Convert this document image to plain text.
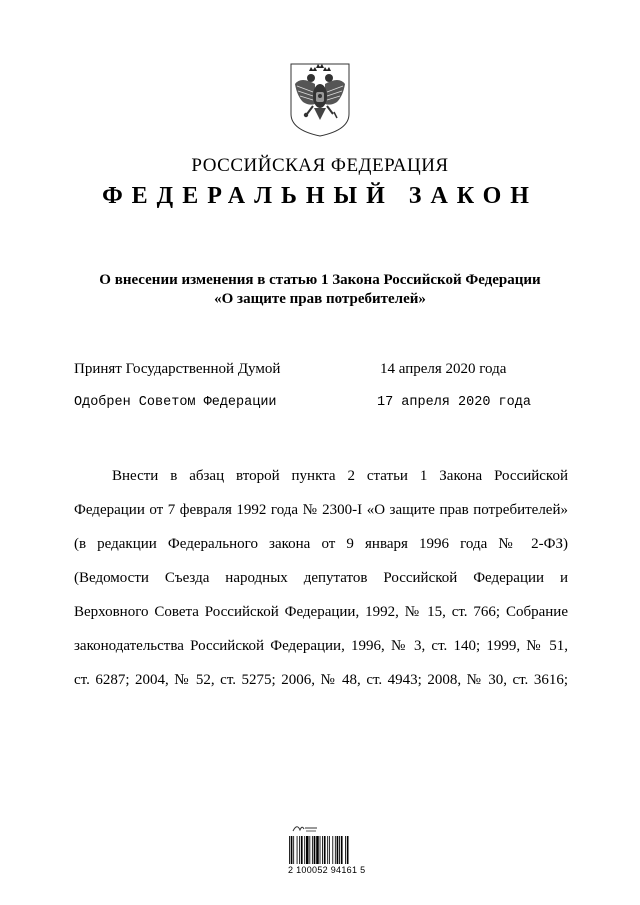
РОССИЙСКАЯ ФЕДЕРАЦИЯ
ФЕДЕРАЛЬНЫЙ ЗАКОН
О внесении изменения в статью 1 Закона Российской Федерации
«О защите прав потребителей»
Принят Государственной Думой	14 апреля 2020 года
Одобрен Советом Федерации	17 апреля 2020 года
Внести в абзац второй пункта 2 статьи 1 Закона Российской
Федерации от 7 февраля 1992 года № 2300-I «О защите прав потребителей»
(в редакции Федерального закона от 9 января 1996 года № 2-ФЗ)
(Ведомости Съезда народных депутатов Российской Федерации и
Верховного Совета Российской Федерации, 1992, № 15, ст. 766; Собрание
законодательства Российской Федерации, 1996, № 3, ст. 140; 1999, № 51,
ст. 6287; 2004, № 52, ст. 5275; 2006, № 48, ст. 4943; 2008, № 30, ст. 3616;
2 100052 94161 5
